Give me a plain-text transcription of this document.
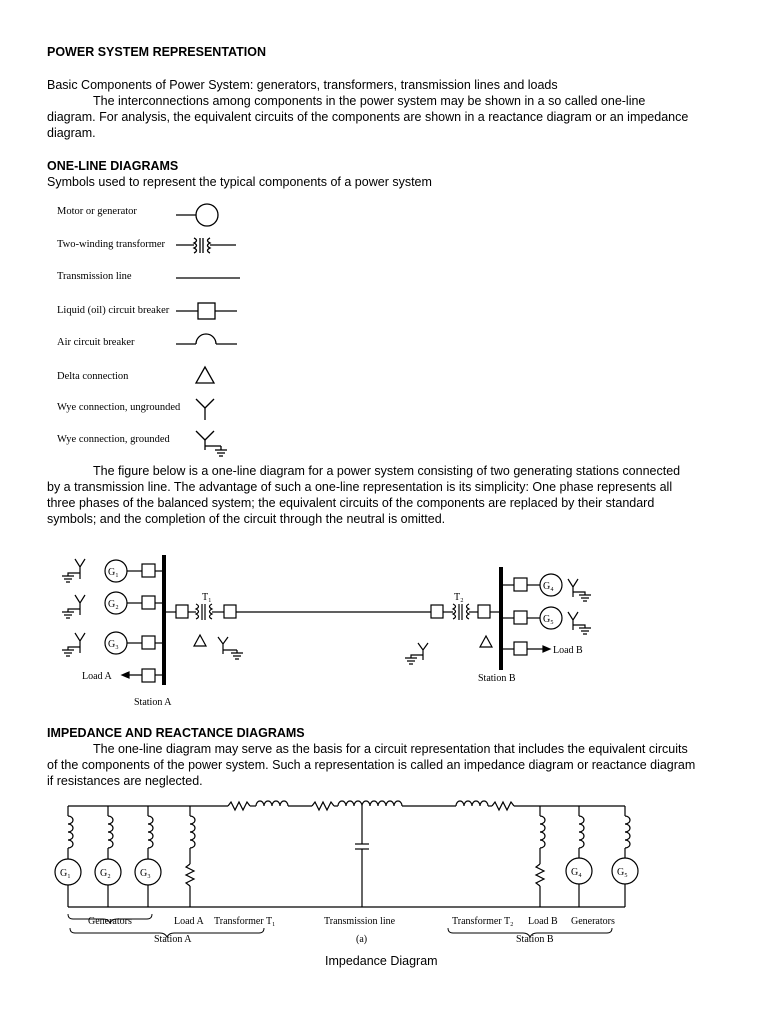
POWER SYSTEM REPRESENTATION
Basic Components of Power System: generators, transformers, transmission lines and loads
The interconnections among components in the power system may be shown in a so called one-line
diagram. For analysis, the equivalent circuits of the components are shown in a reactance diagram or an impedance
diagram.
ONE-LINE DIAGRAMS
Symbols used to represent the typical components of a power system
Motor or generator
Two-winding transformer
Transmission line
Liquid (oil) circuit breaker
Air circuit breaker
Delta connection
Wye connection, ungrounded
Wye connection, grounded
The figure below is a one-line diagram for a power system consisting of two generating stations connected
by a transmission line. The advantage of such a one-line representation is its simplicity: One phase represents all
three phases of the balanced system; the equivalent circuits of the components are replaced by their standard
symbols; and the completion of the circuit through the neutral is omitted.
G₁
G₂
G₃
Load A
Station A
T₁	T₂
G₄
G₅
Load B
Station B
IMPEDANCE AND REACTANCE DIAGRAMS
The one-line diagram may serve as the basis for a circuit representation that includes the equivalent circuits
of the components of the power system. Such a representation is called an impedance diagram or reactance diagram
if resistances are neglected.
G₁	G₂	G₃	G₄	G₅
Generators	Load A Transformer T₁	Transmission line	Transformer T₂ Load B Generators
Station A	Station B
(a)
Impedance Diagram
